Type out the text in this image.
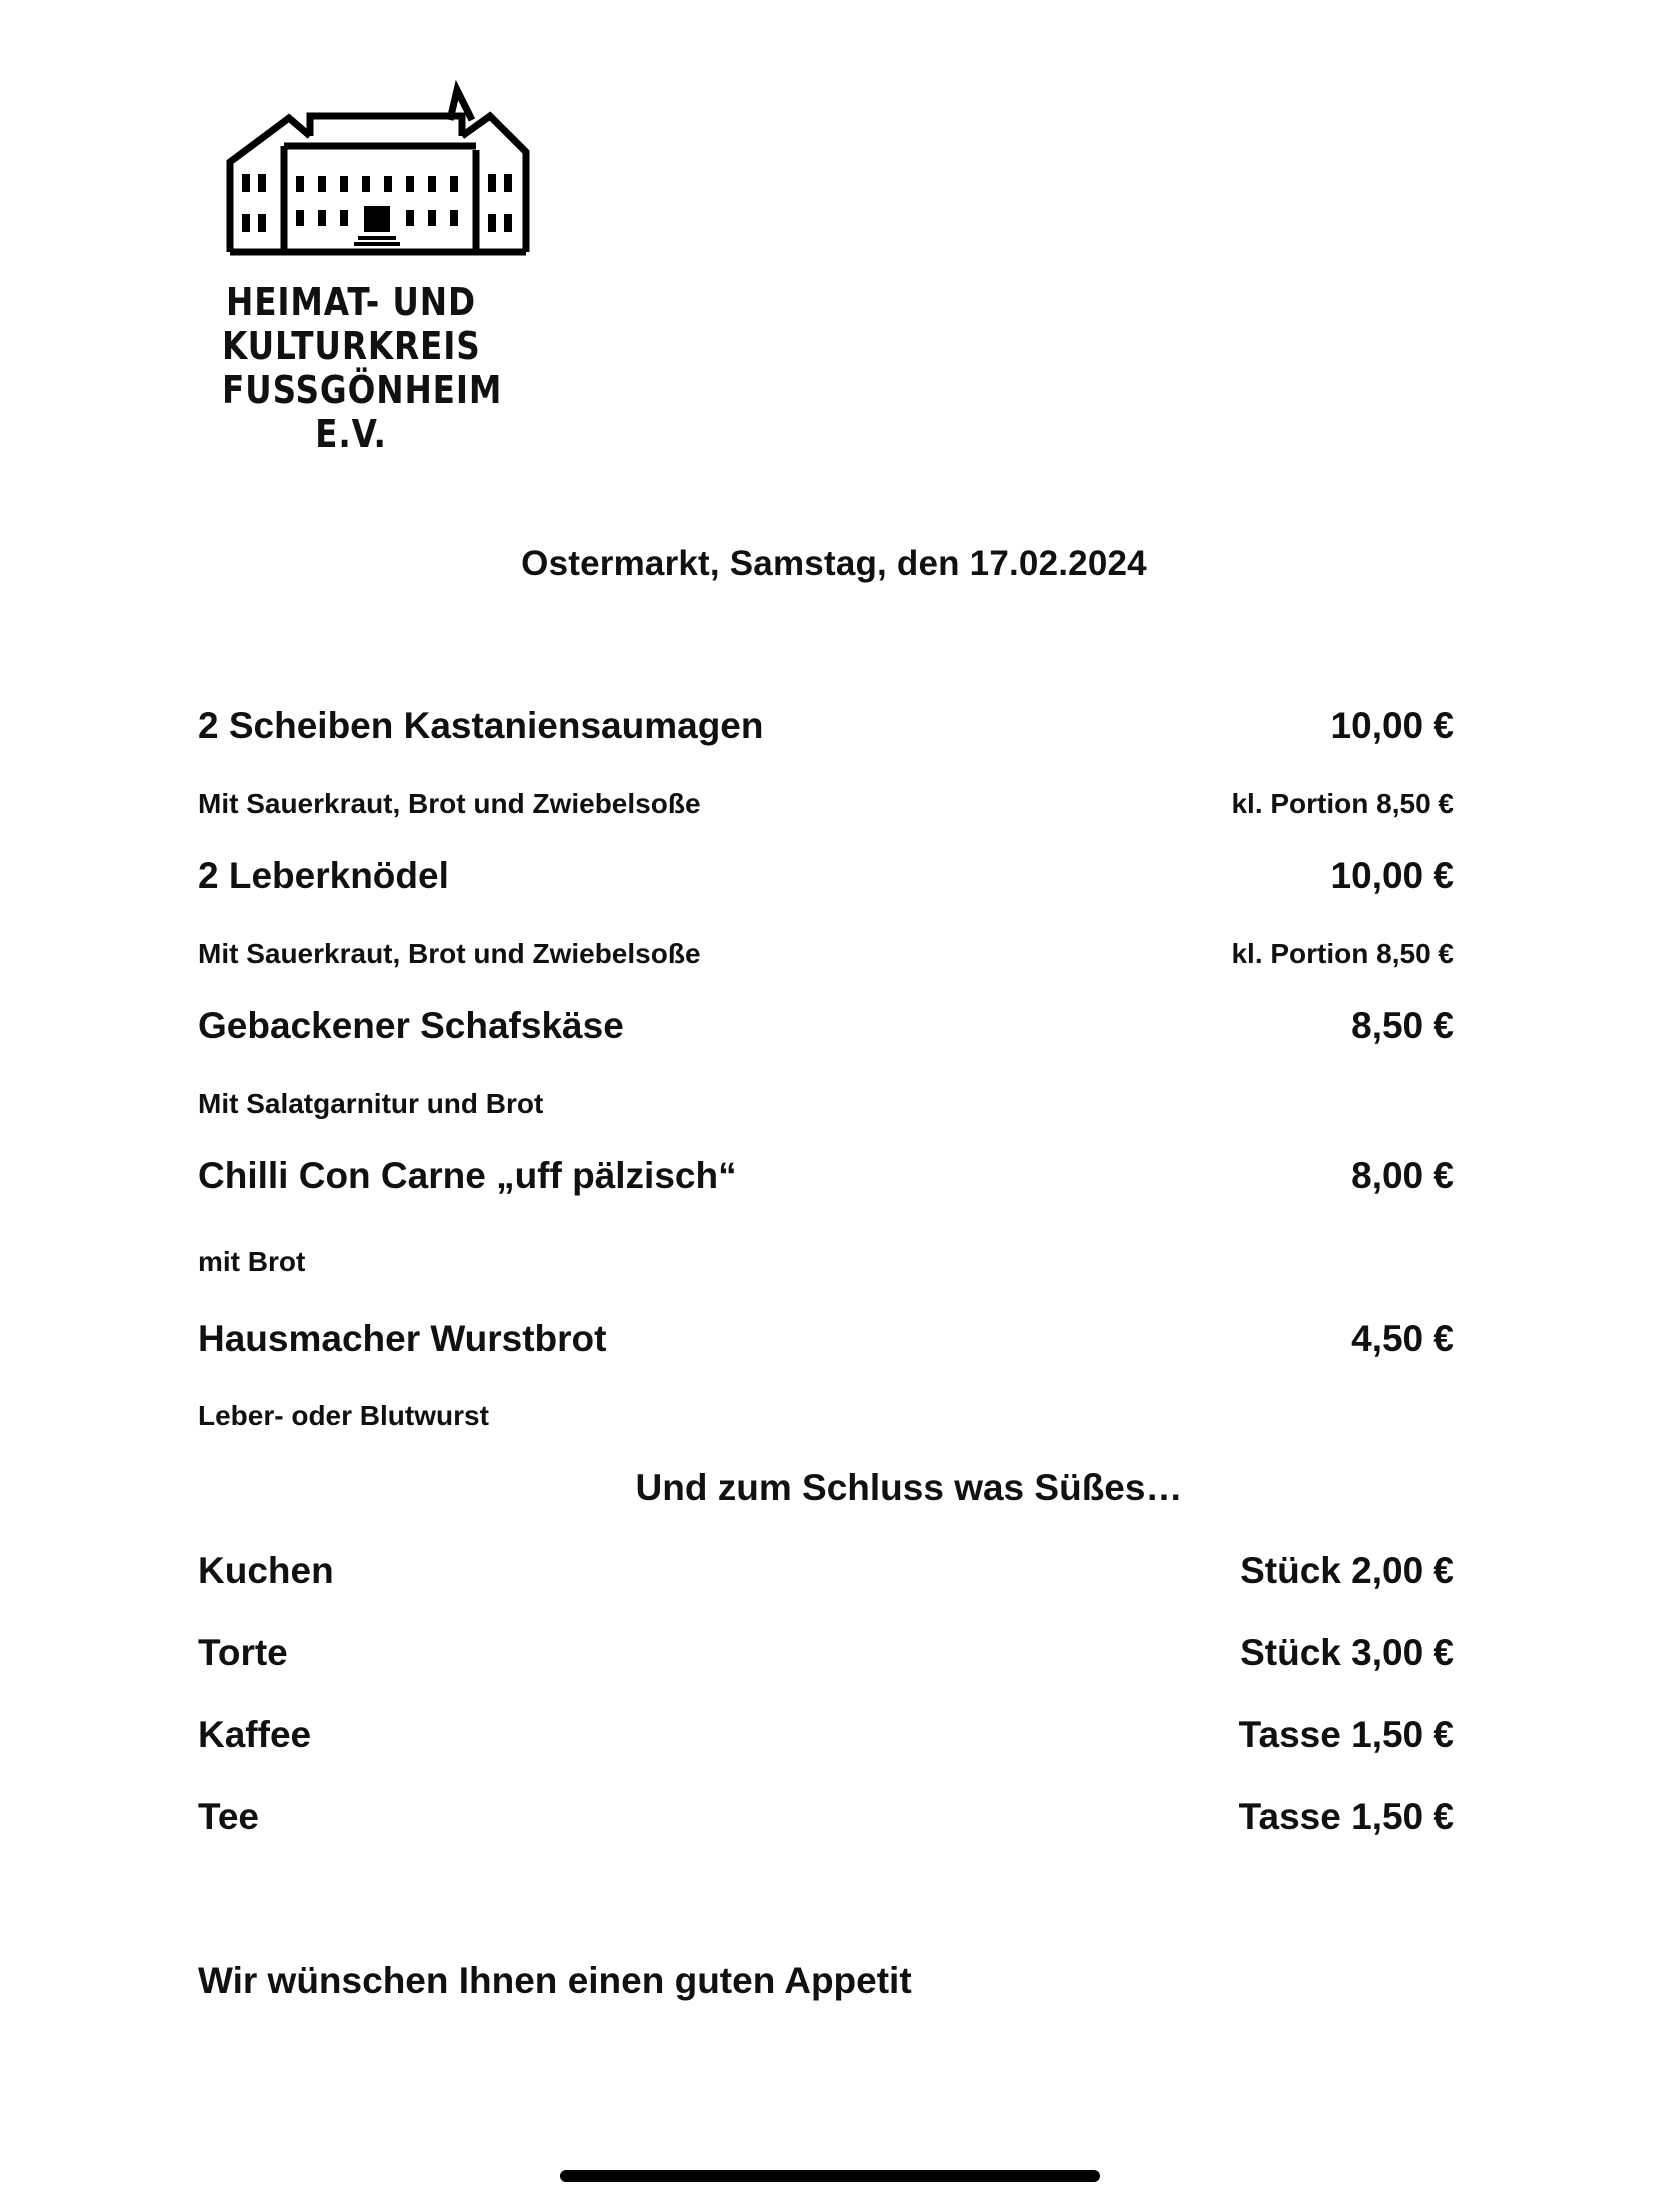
HEIMAT- UND
KULTURKREIS
FUSSGÖNHEIM
E.V.
Ostermarkt, Samstag, den 17.02.2024
2 Scheiben Kastaniensaumagen	10,00 €
Mit Sauerkraut, Brot und Zwiebelsoße	kl. Portion 8,50 €
2 Leberknödel	10,00 €
Mit Sauerkraut, Brot und Zwiebelsoße	kl. Portion 8,50 €
Gebackener Schafskäse	8,50 €
Mit Salatgarnitur und Brot
Chilli Con Carne „uff pälzisch“	8,00 €
mit Brot
Hausmacher Wurstbrot	4,50 €
Leber- oder Blutwurst
Und zum Schluss was Süßes…
Kuchen	Stück 2,00 €
Torte	Stück 3,00 €
Kaffee	Tasse 1,50 €
Tee	Tasse 1,50 €
Wir wünschen Ihnen einen guten Appetit
